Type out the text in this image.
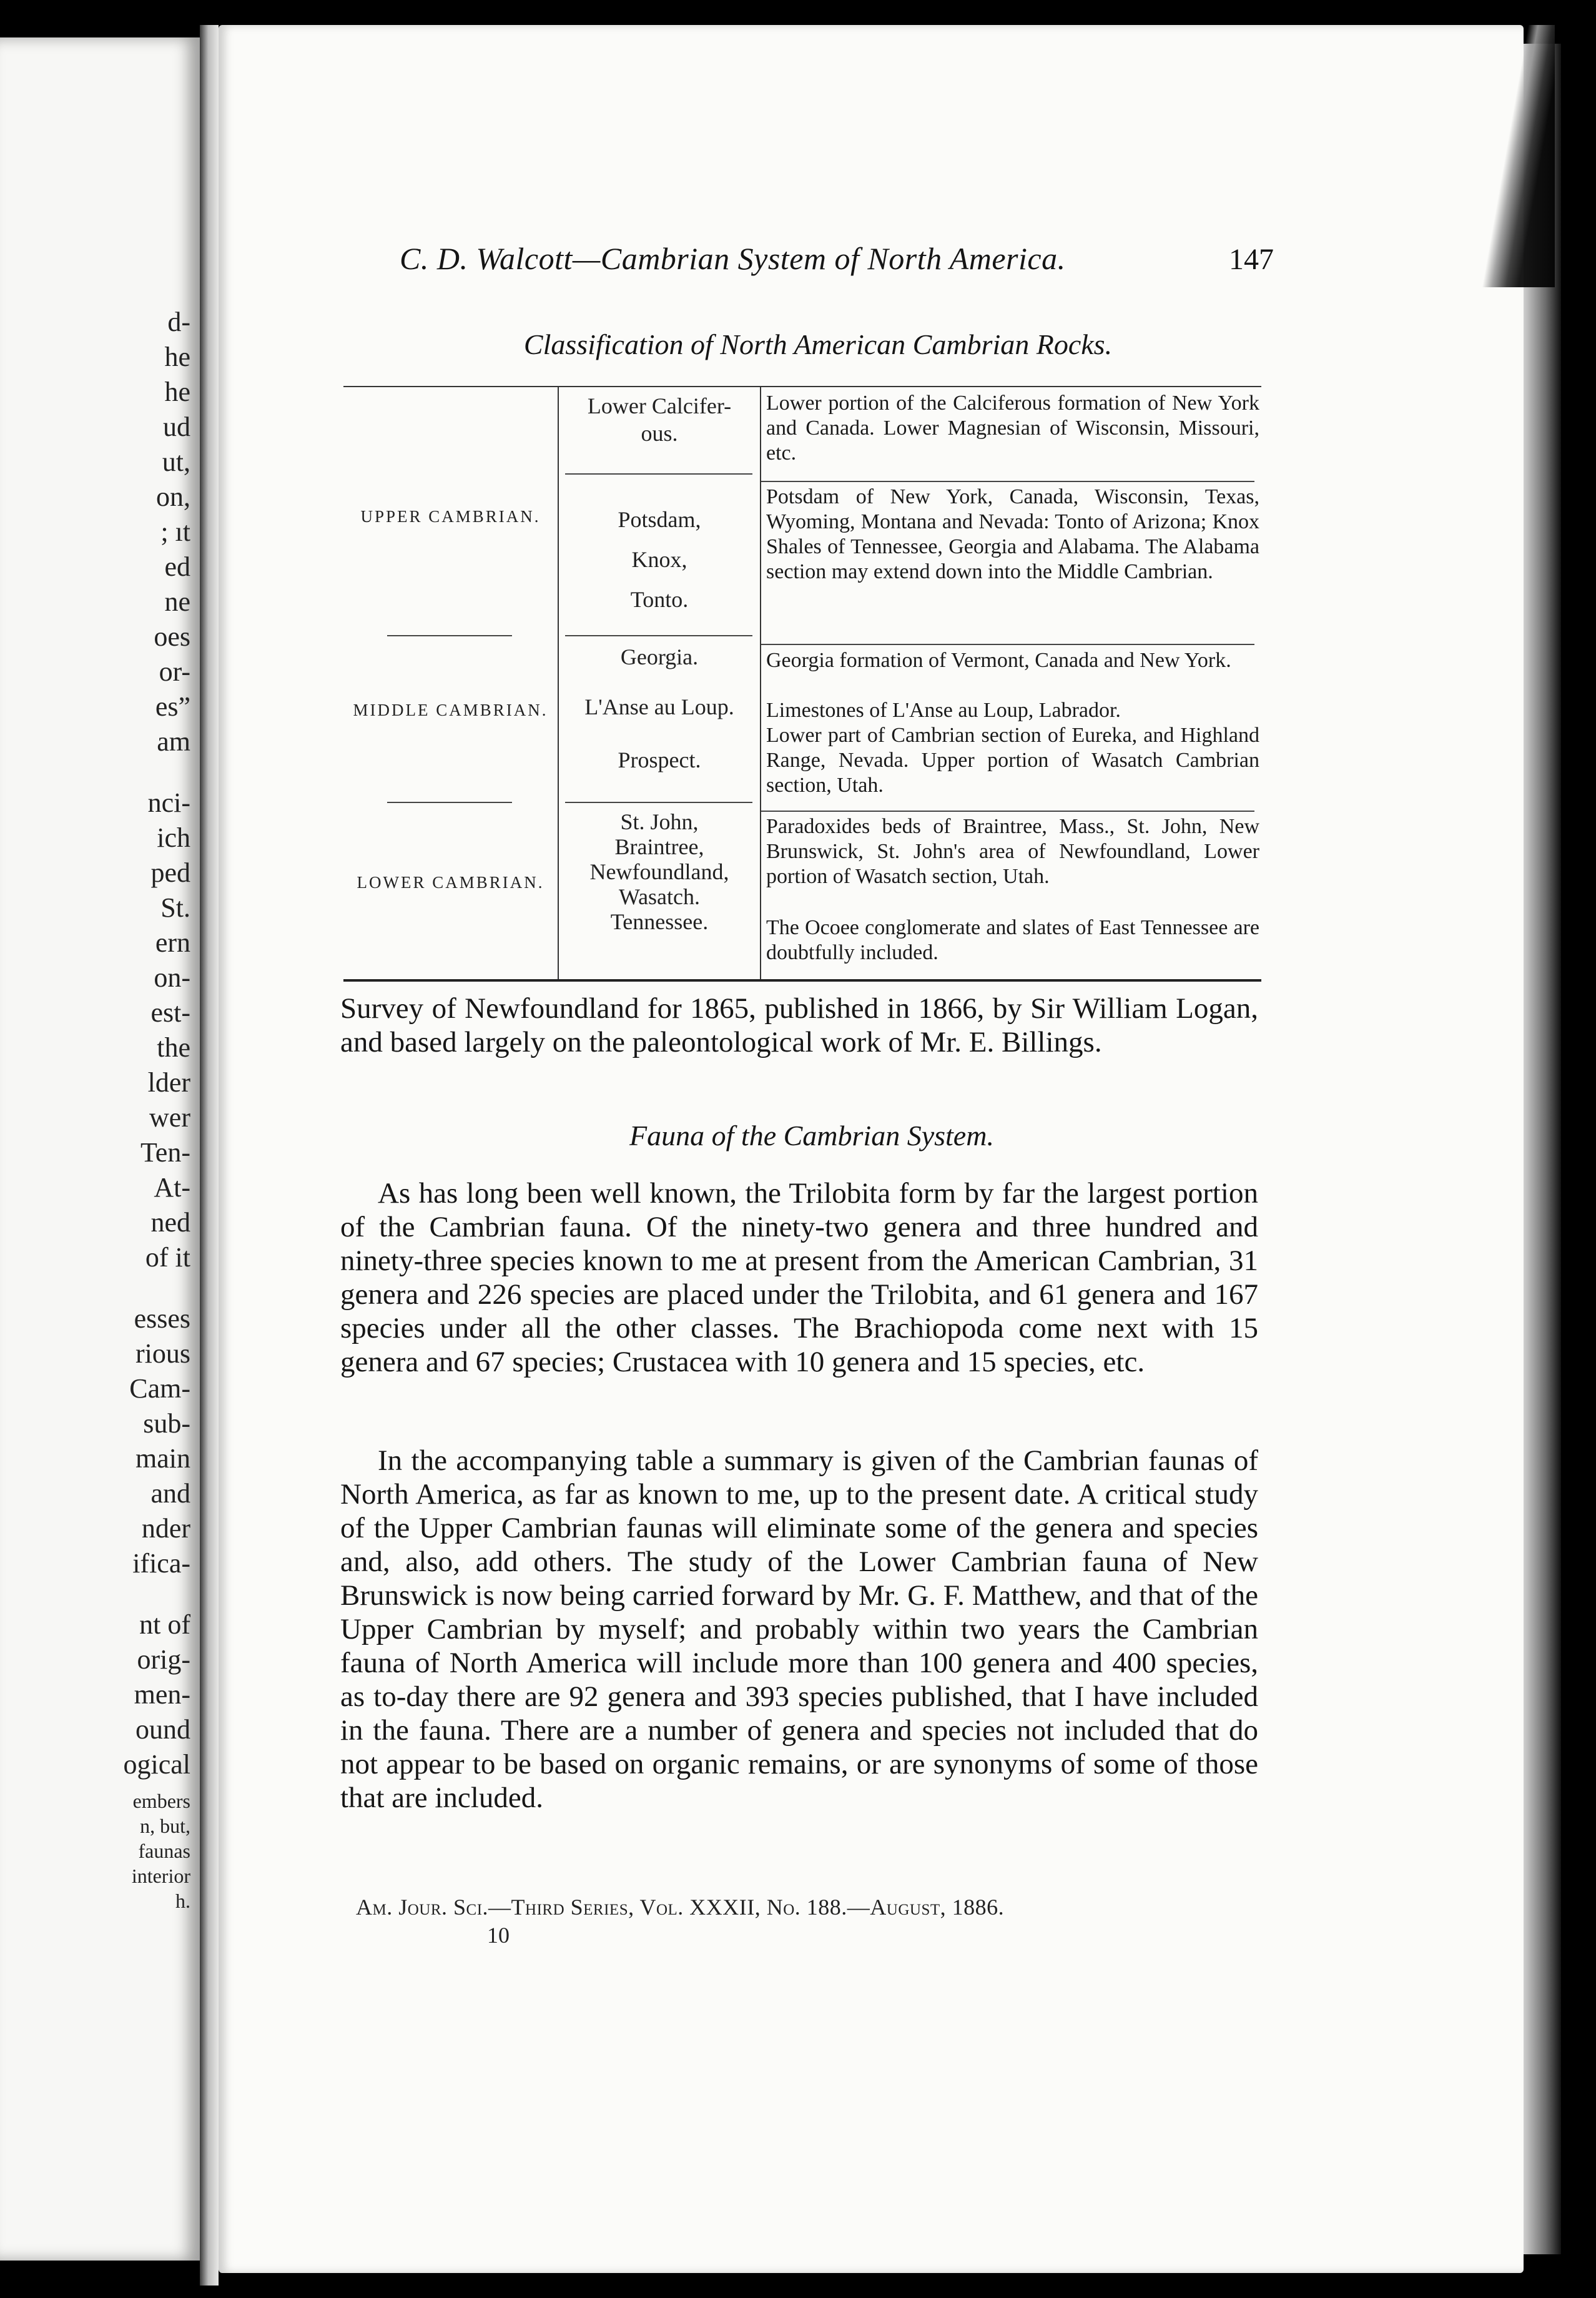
d-
he
he
ud
ut,
on,
; ıt
ed
ne
oes
or-
es”
am
nci-
ich
ped
St.
ern
on-
est-
the
lder
wer
Ten-
At-
ned
of it
esses
rious
Cam-
sub-
main
and
nder
ifica-
nt of
orig-
men-
ound
ogical
embers
n, but,
faunas
interior
h.
C. D. Walcott—Cambrian System of North America.	147
Classification of North American Cambrian Rocks.
UPPER CAMBRIAN.
MIDDLE CAMBRIAN.
LOWER CAMBRIAN.
Lower Calcifer-
ous.
Potsdam,
Knox,
Tonto.
Georgia.
L'Anse au Loup.
Prospect.
St. John,
Braintree,
Newfoundland,
Wasatch.
Tennessee.
Lower portion of the Calciferous formation of New York and Canada. Lower Magnesian of Wisconsin, Missouri, etc.
Potsdam of New York, Canada, Wisconsin, Texas, Wyoming, Montana and Nevada: Tonto of Arizona; Knox Shales of Tennessee, Georgia and Alabama. The Alabama section may extend down into the Middle Cambrian.
Georgia formation of Vermont, Canada and New York.
Limestones of L'Anse au Loup, Labrador.
Lower part of Cambrian section of Eureka, and Highland Range, Nevada. Upper portion of Wasatch Cambrian section, Utah.
Paradoxides beds of Braintree, Mass., St. John, New Brunswick, St. John's area of Newfoundland, Lower portion of Wasatch section, Utah.
The Ocoee conglomerate and slates of East Tennessee are doubtfully included.
Survey of Newfoundland for 1865, published in 1866, by Sir William Logan, and based largely on the paleontological work of Mr. E. Billings.
Fauna of the Cambrian System.
As has long been well known, the Trilobita form by far the largest portion of the Cambrian fauna. Of the ninety-two genera and three hundred and ninety-three species known to me at present from the American Cambrian, 31 genera and 226 species are placed under the Trilobita, and 61 genera and 167 species under all the other classes. The Brachiopoda come next with 15 genera and 67 species; Crustacea with 10 genera and 15 species, etc.
In the accompanying table a summary is given of the Cambrian faunas of North America, as far as known to me, up to the present date. A critical study of the Upper Cambrian faunas will eliminate some of the genera and species and, also, add others. The study of the Lower Cambrian fauna of New Brunswick is now being carried forward by Mr. G. F. Matthew, and that of the Upper Cambrian by myself; and probably within two years the Cambrian fauna of North America will include more than 100 genera and 400 species, as to-day there are 92 genera and 393 species published, that I have included in the fauna. There are a number of genera and species not included that do not appear to be based on organic remains, or are synonyms of some of those that are included.
Am. Jour. Sci.—Third Series, Vol. XXXII, No. 188.—August, 1886.
10
